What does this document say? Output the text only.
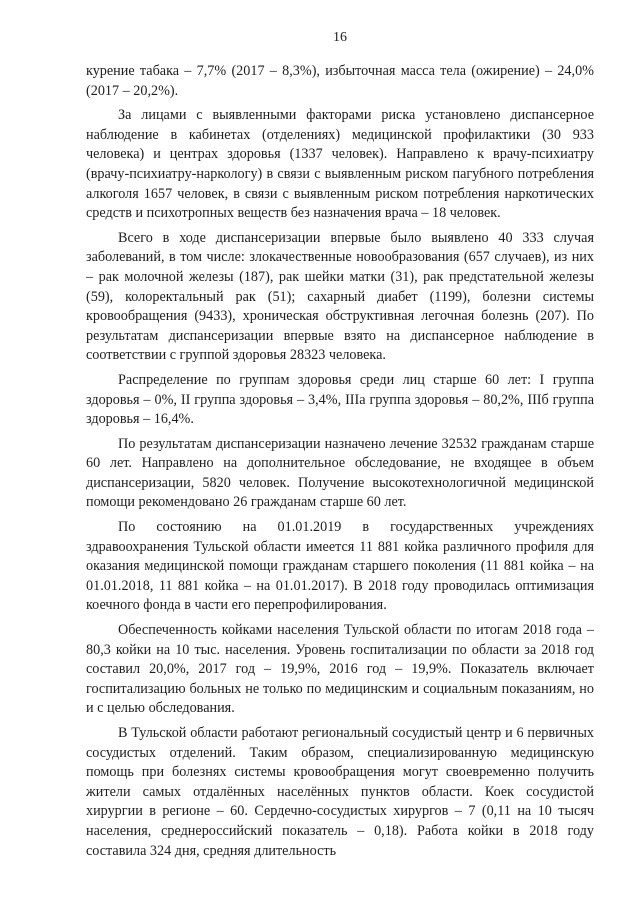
16

курение табака – 7,7% (2017 – 8,3%), избыточная масса тела (ожирение) – 24,0% (2017 – 20,2%).

За лицами с выявленными факторами риска установлено диспансерное наблюдение в кабинетах (отделениях) медицинской профилактики (30 933 человека) и центрах здоровья (1337 человек). Направлено к врачу-психиатру (врачу-психиатру-наркологу) в связи с выявленным риском пагубного потребления алкоголя 1657 человек, в связи с выявленным риском потребления наркотических средств и психотропных веществ без назначения врача – 18 человек.

Всего в ходе диспансеризации впервые было выявлено 40 333 случая заболеваний, в том числе: злокачественные новообразования (657 случаев), из них – рак молочной железы (187), рак шейки матки (31), рак предстательной железы (59), колоректальный рак (51); сахарный диабет (1199), болезни системы кровообращения (9433), хроническая обструктивная легочная болезнь (207). По результатам диспансеризации впервые взято на диспансерное наблюдение в соответствии с группой здоровья 28323 человека.

Распределение по группам здоровья среди лиц старше 60 лет: I группа здоровья – 0%, II группа здоровья – 3,4%, IIIа группа здоровья – 80,2%, IIIб группа здоровья – 16,4%.

По результатам диспансеризации назначено лечение 32532 гражданам старше 60 лет. Направлено на дополнительное обследование, не входящее в объем диспансеризации, 5820 человек. Получение высокотехнологичной медицинской помощи рекомендовано 26 гражданам старше 60 лет.

По состоянию на 01.01.2019 в государственных учреждениях здравоохранения Тульской области имеется 11 881 койка различного профиля для оказания медицинской помощи гражданам старшего поколения (11 881 койка – на 01.01.2018, 11 881 койка – на 01.01.2017). В 2018 году проводилась оптимизация коечного фонда в части его перепрофилирования.

Обеспеченность койками населения Тульской области по итогам 2018 года – 80,3 койки на 10 тыс. населения. Уровень госпитализации по области за 2018 год составил 20,0%, 2017 год – 19,9%, 2016 год – 19,9%. Показатель включает госпитализацию больных не только по медицинским и социальным показаниям, но и с целью обследования.

В Тульской области работают региональный сосудистый центр и 6 первичных сосудистых отделений. Таким образом, специализированную медицинскую помощь при болезнях системы кровообращения могут своевременно получить жители самых отдалённых населённых пунктов области. Коек сосудистой хирургии в регионе – 60. Сердечно-сосудистых хирургов – 7 (0,11 на 10 тысяч населения, среднероссийский показатель – 0,18). Работа койки в 2018 году составила 324 дня, средняя длительность
